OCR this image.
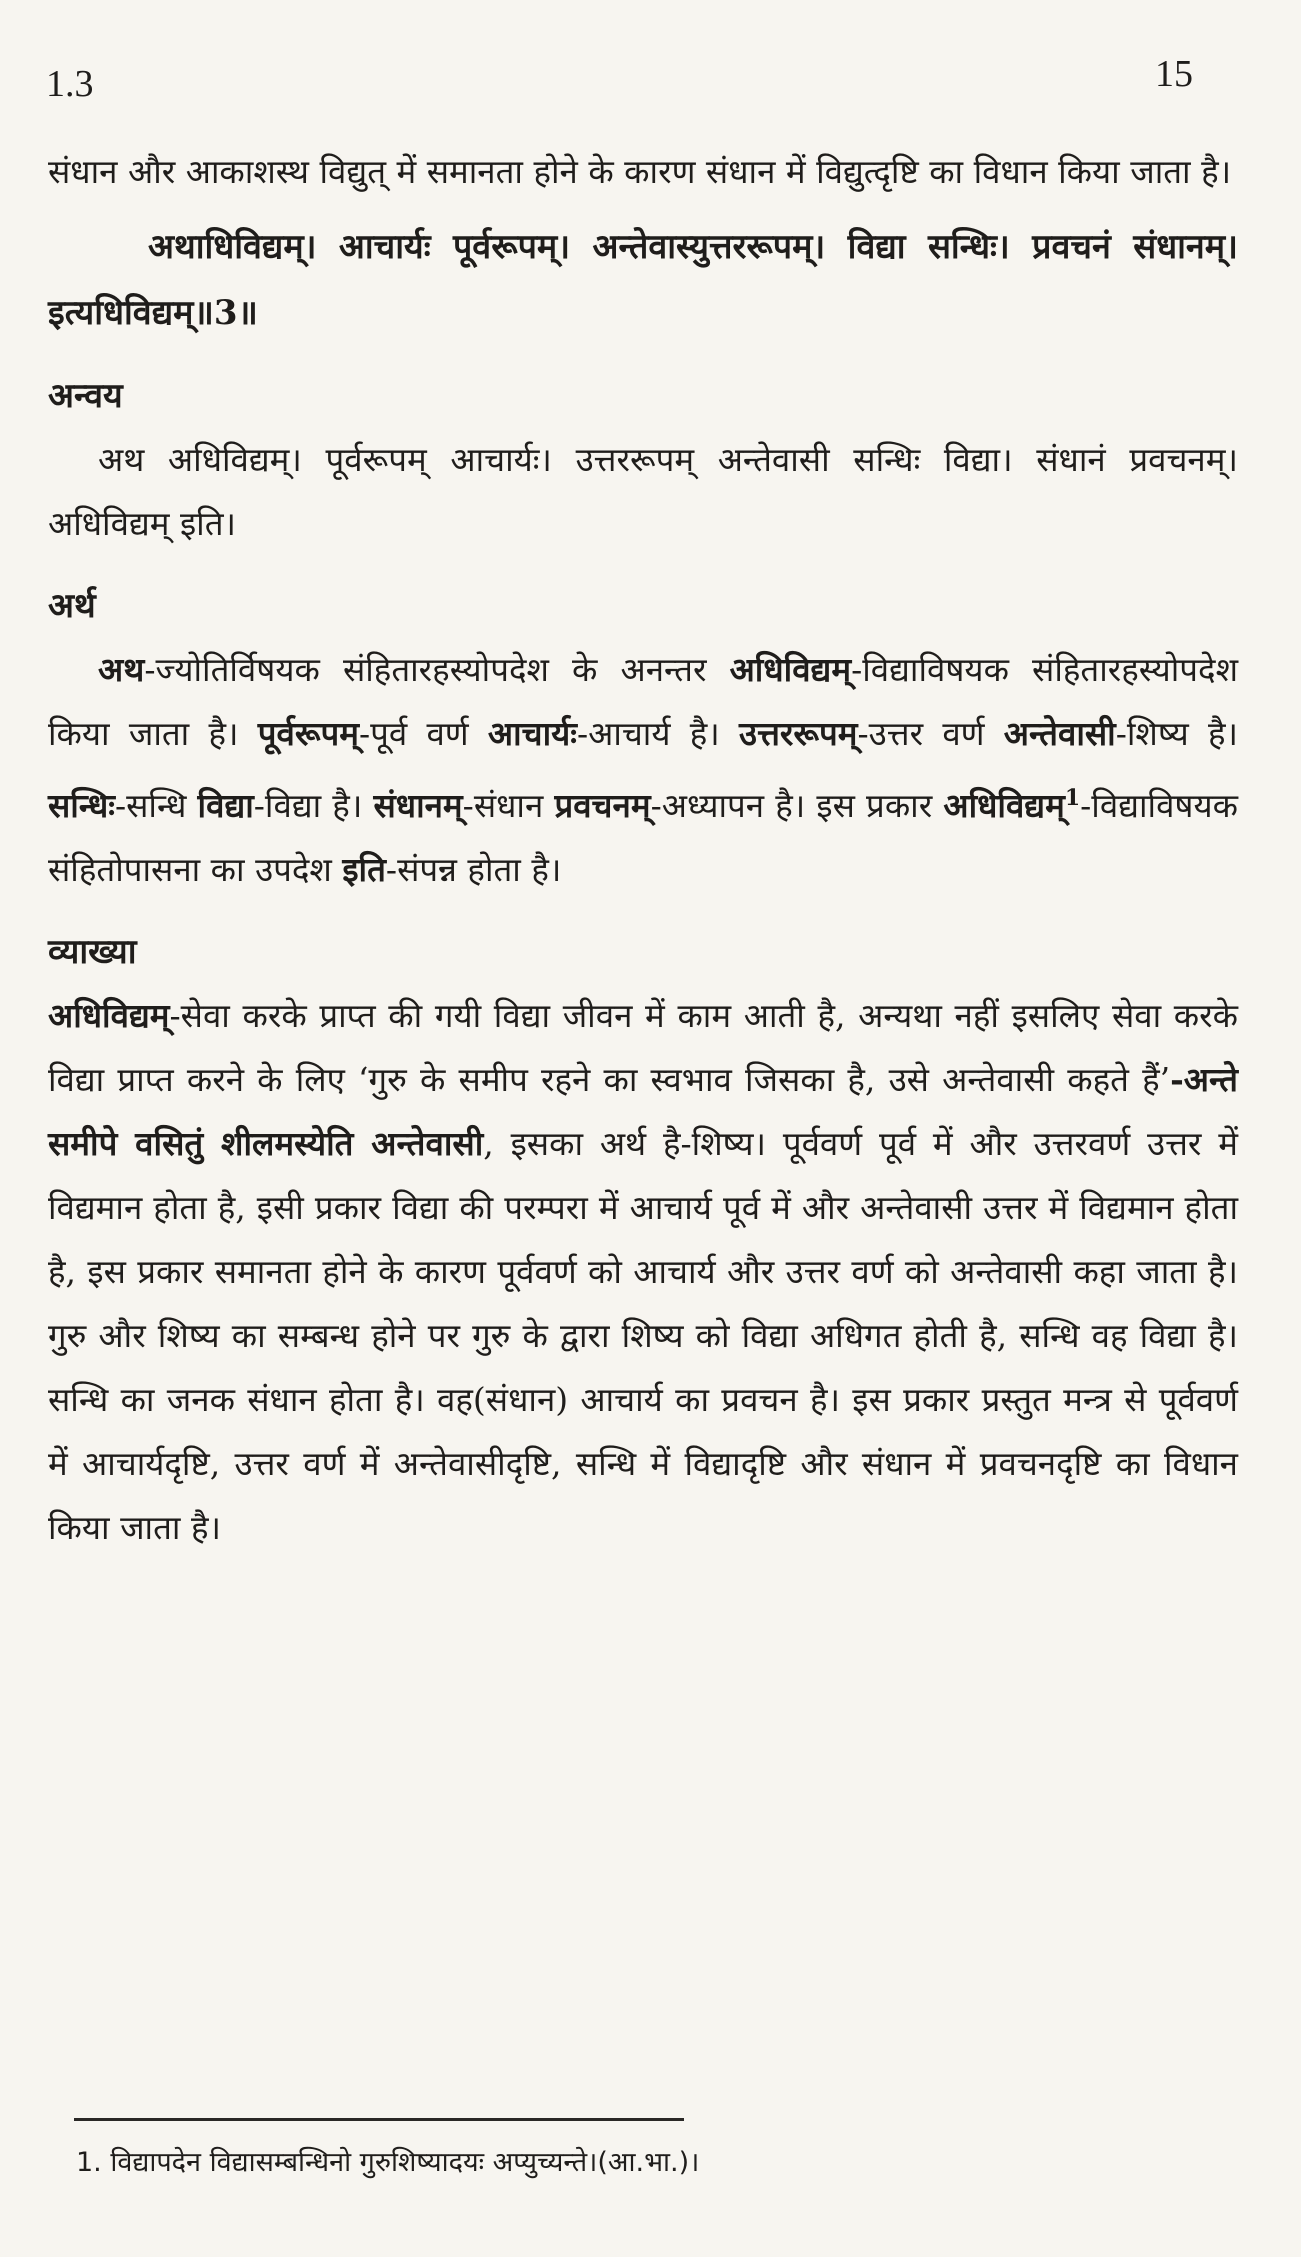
1.3	15

संधान और आकाशस्थ विद्युत् में समानता होने के कारण संधान में विद्युत्दृष्टि का विधान किया जाता है।

अथाधिविद्यम्। आचार्यः पूर्वरूपम्। अन्तेवास्युत्तररूपम्। विद्या सन्धिः। प्रवचनं संधानम्। इत्यधिविद्यम्॥3॥

अन्वय

अथ अधिविद्यम्। पूर्वरूपम् आचार्यः। उत्तररूपम् अन्तेवासी सन्धिः विद्या। संधानं प्रवचनम्। अधिविद्यम् इति।

अर्थ

अथ-ज्योतिर्विषयक संहितारहस्योपदेश के अनन्तर अधिविद्यम्-विद्याविषयक संहितारहस्योपदेश किया जाता है। पूर्वरूपम्-पूर्व वर्ण आचार्यः-आचार्य है। उत्तररूपम्-उत्तर वर्ण अन्तेवासी-शिष्य है। सन्धिः-सन्धि विद्या-विद्या है। संधानम्-संधान प्रवचनम्-अध्यापन है। इस प्रकार अधिविद्यम्$^1$-विद्याविषयक संहितोपासना का उपदेश इति-संपन्न होता है।

व्याख्या

अधिविद्यम्-सेवा करके प्राप्त की गयी विद्या जीवन में काम आती है, अन्यथा नहीं इसलिए सेवा करके विद्या प्राप्त करने के लिए ‘गुरु के समीप रहने का स्वभाव जिसका है, उसे अन्तेवासी कहते हैं’-अन्ते समीपे वसितुं शीलमस्येति अन्तेवासी, इसका अर्थ है-शिष्य। पूर्ववर्ण पूर्व में और उत्तरवर्ण उत्तर में विद्यमान होता है, इसी प्रकार विद्या की परम्परा में आचार्य पूर्व में और अन्तेवासी उत्तर में विद्यमान होता है, इस प्रकार समानता होने के कारण पूर्ववर्ण को आचार्य और उत्तर वर्ण को अन्तेवासी कहा जाता है। गुरु और शिष्य का सम्बन्ध होने पर गुरु के द्वारा शिष्य को विद्या अधिगत होती है, सन्धि वह विद्या है। सन्धि का जनक संधान होता है। वह(संधान) आचार्य का प्रवचन है। इस प्रकार प्रस्तुत मन्त्र से पूर्ववर्ण में आचार्यदृष्टि, उत्तर वर्ण में अन्तेवासीदृष्टि, सन्धि में विद्यादृष्टि और संधान में प्रवचनदृष्टि का विधान किया जाता है।

1. विद्यापदेन विद्यासम्बन्धिनो गुरुशिष्यादयः अप्युच्यन्ते।(आ.भा.)।
